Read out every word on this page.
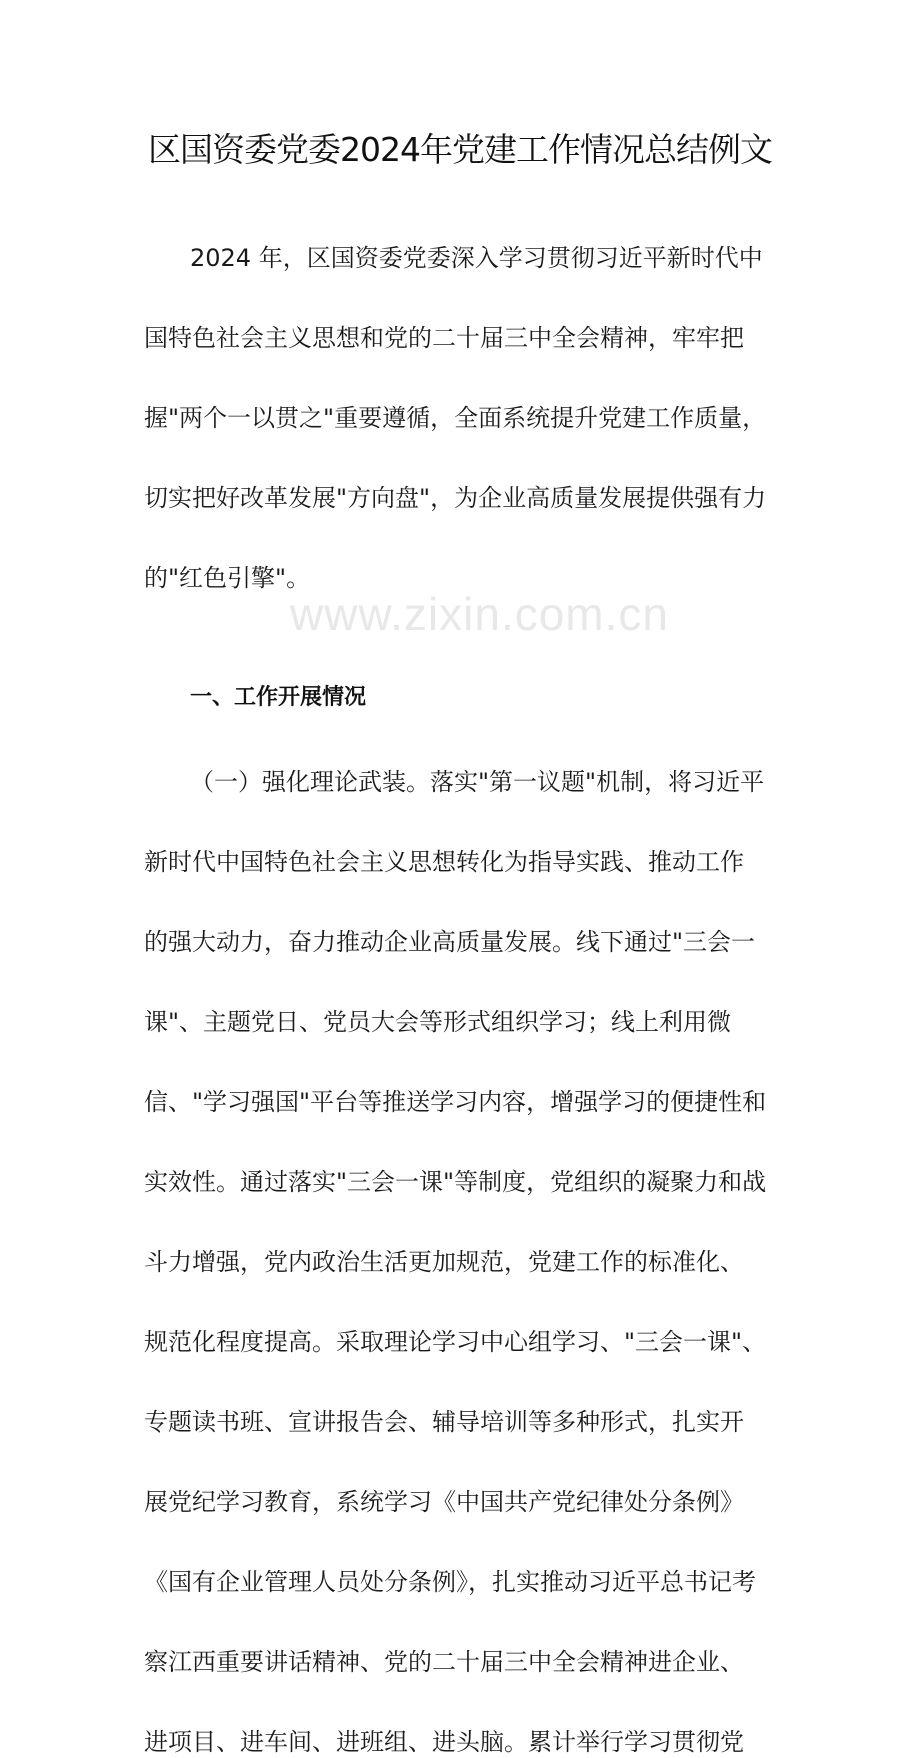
www.zixin.com.cn
区国资委党委2024年党建工作情况总结例文
2024 年，区国资委党委深入学习贯彻习近平新时代中
国特色社会主义思想和党的二十届三中全会精神，牢牢把
握"两个一以贯之"重要遵循，全面系统提升党建工作质量，
切实把好改革发展"方向盘"，为企业高质量发展提供强有力
的"红色引擎"。
一、工作开展情况
（一）强化理论武装。落实"第一议题"机制，将习近平
新时代中国特色社会主义思想转化为指导实践、推动工作
的强大动力，奋力推动企业高质量发展。线下通过"三会一
课"、主题党日、党员大会等形式组织学习；线上利用微
信、"学习强国"平台等推送学习内容，增强学习的便捷性和
实效性。通过落实"三会一课"等制度，党组织的凝聚力和战
斗力增强，党内政治生活更加规范，党建工作的标准化、
规范化程度提高。采取理论学习中心组学习、"三会一课"、
专题读书班、宣讲报告会、辅导培训等多种形式，扎实开
展党纪学习教育，系统学习《中国共产党纪律处分条例》
《国有企业管理人员处分条例》，扎实推动习近平总书记考
察江西重要讲话精神、党的二十届三中全会精神进企业、
进项目、进车间、进班组、进头脑。累计举行学习贯彻党
